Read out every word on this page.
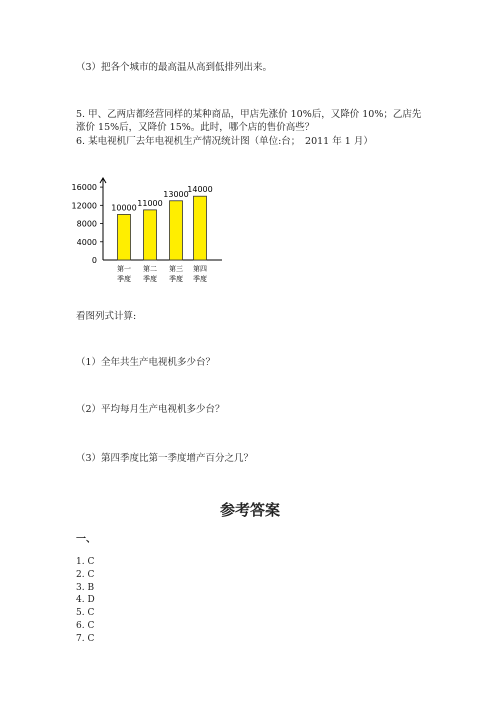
（3）把各个城市的最高温从高到低排列出来。
5. 甲、乙两店都经营同样的某种商品，甲店先涨价 10%后，又降价 10%；乙店先
涨价 15%后，又降价 15%。此时，哪个店的售价高些？
6. 某电视机厂去年电视机生产情况统计图（单位:台；　2011 年 1 月）
0
4000
8000
12000
16000
10000
第一
季度
11000
第二
季度
13000
第三
季度
14000
第四
季度
看图列式计算:
（1）全年共生产电视机多少台？
（2）平均每月生产电视机多少台？
（3）第四季度比第一季度增产百分之几？
参考答案
一、
1. C
2. C
3. B
4. D
5. C
6. C
7. C
